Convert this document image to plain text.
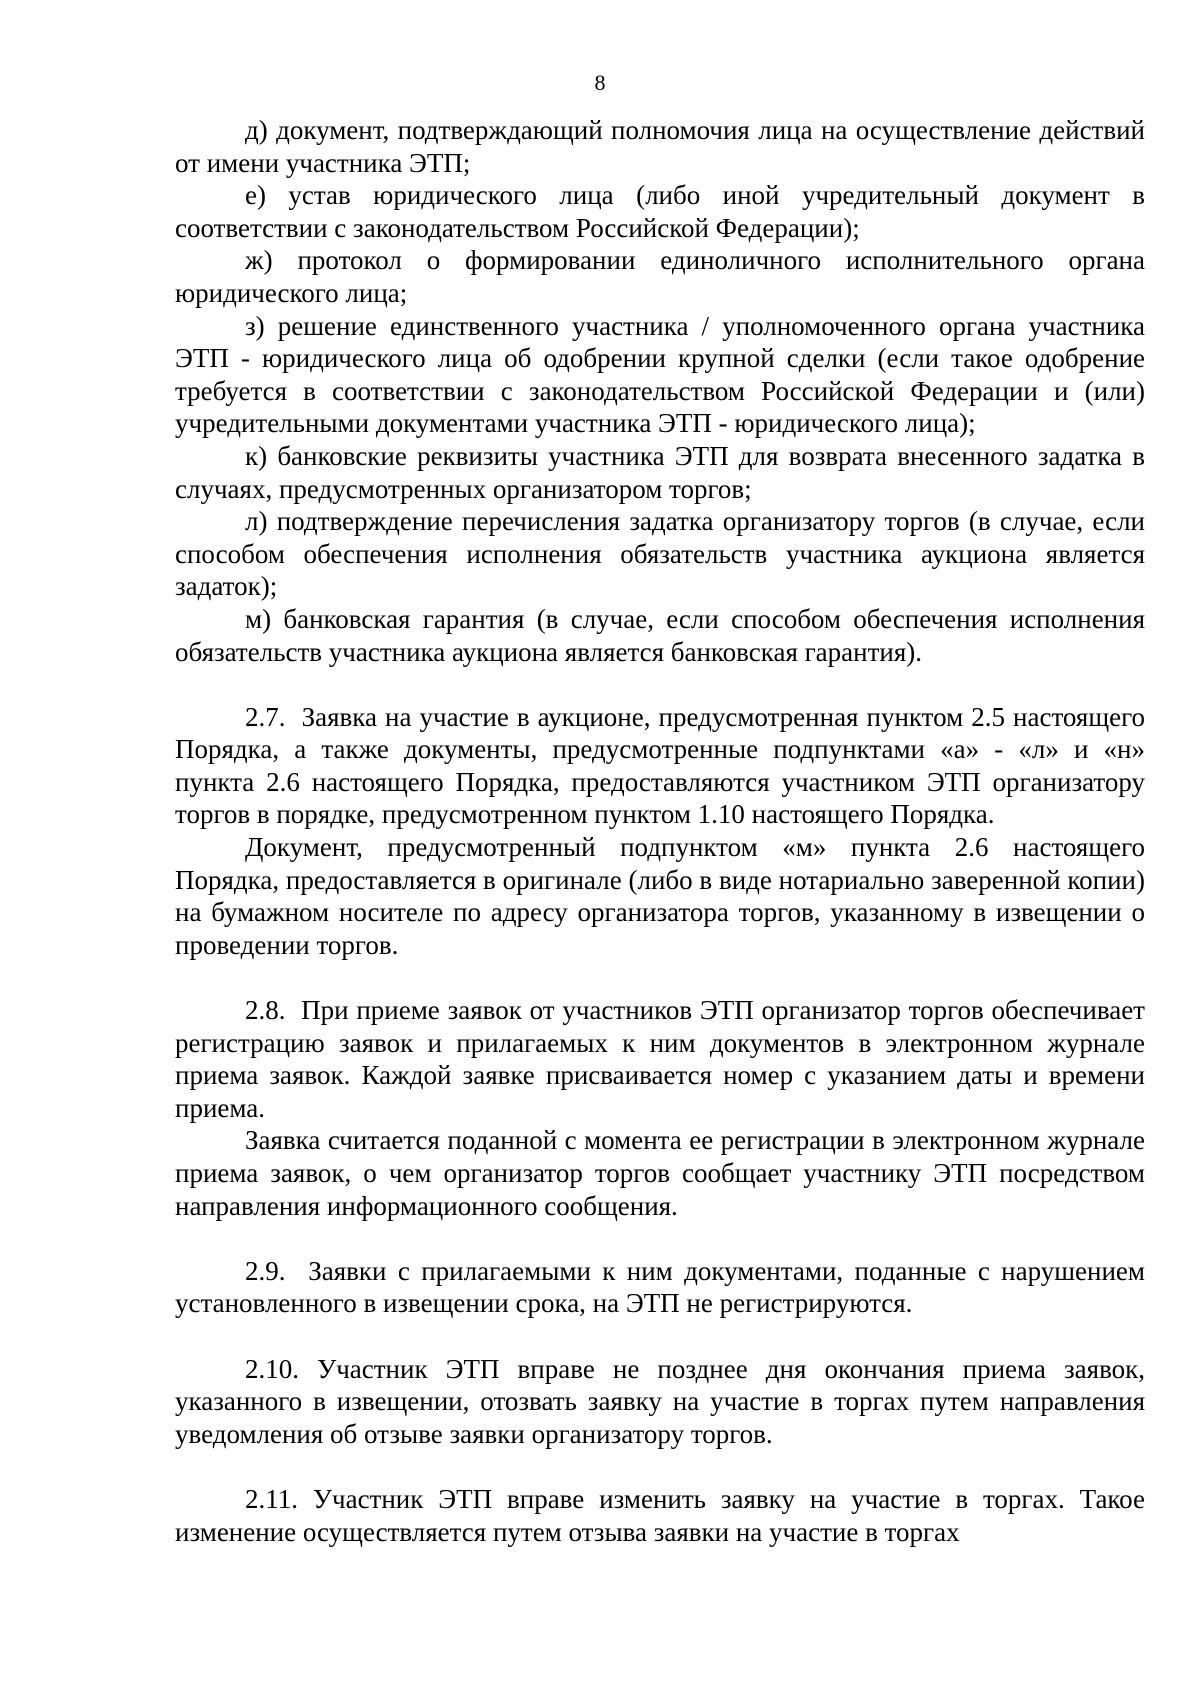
8

д) документ, подтверждающий полномочия лица на осуществление действий от имени участника ЭТП;

е) устав юридического лица (либо иной учредительный документ в соответствии с законодательством Российской Федерации);

ж) протокол о формировании единоличного исполнительного органа юридического лица;

з) решение единственного участника / уполномоченного органа участника ЭТП - юридического лица об одобрении крупной сделки (если такое одобрение требуется в соответствии с законодательством Российской Федерации и (или) учредительными документами участника ЭТП - юридического лица);

к) банковские реквизиты участника ЭТП для возврата внесенного задатка в случаях, предусмотренных организатором торгов;

л) подтверждение перечисления задатка организатору торгов (в случае, если способом обеспечения исполнения обязательств участника аукциона является задаток);

м) банковская гарантия (в случае, если способом обеспечения исполнения обязательств участника аукциона является банковская гарантия).

2.7.  Заявка на участие в аукционе, предусмотренная пунктом 2.5 настоящего Порядка, а также документы, предусмотренные подпунктами «а» - «л» и «н» пункта 2.6 настоящего Порядка, предоставляются участником ЭТП организатору торгов в порядке, предусмотренном пунктом 1.10 настоящего Порядка.

Документ, предусмотренный подпунктом «м» пункта 2.6 настоящего Порядка, предоставляется в оригинале (либо в виде нотариально заверенной копии) на бумажном носителе по адресу организатора торгов, указанному в извещении о проведении торгов.

2.8.  При приеме заявок от участников ЭТП организатор торгов обеспечивает регистрацию заявок и прилагаемых к ним документов в электронном журнале приема заявок. Каждой заявке присваивается номер с указанием даты и времени приема.

Заявка считается поданной с момента ее регистрации в электронном журнале приема заявок, о чем организатор торгов сообщает участнику ЭТП посредством направления информационного сообщения.

2.9.  Заявки с прилагаемыми к ним документами, поданные с нарушением установленного в извещении срока, на ЭТП не регистрируются.

2.10. Участник ЭТП вправе не позднее дня окончания приема заявок, указанного в извещении, отозвать заявку на участие в торгах путем направления уведомления об отзыве заявки организатору торгов.

2.11. Участник ЭТП вправе изменить заявку на участие в торгах. Такое изменение осуществляется путем отзыва заявки на участие в торгах
